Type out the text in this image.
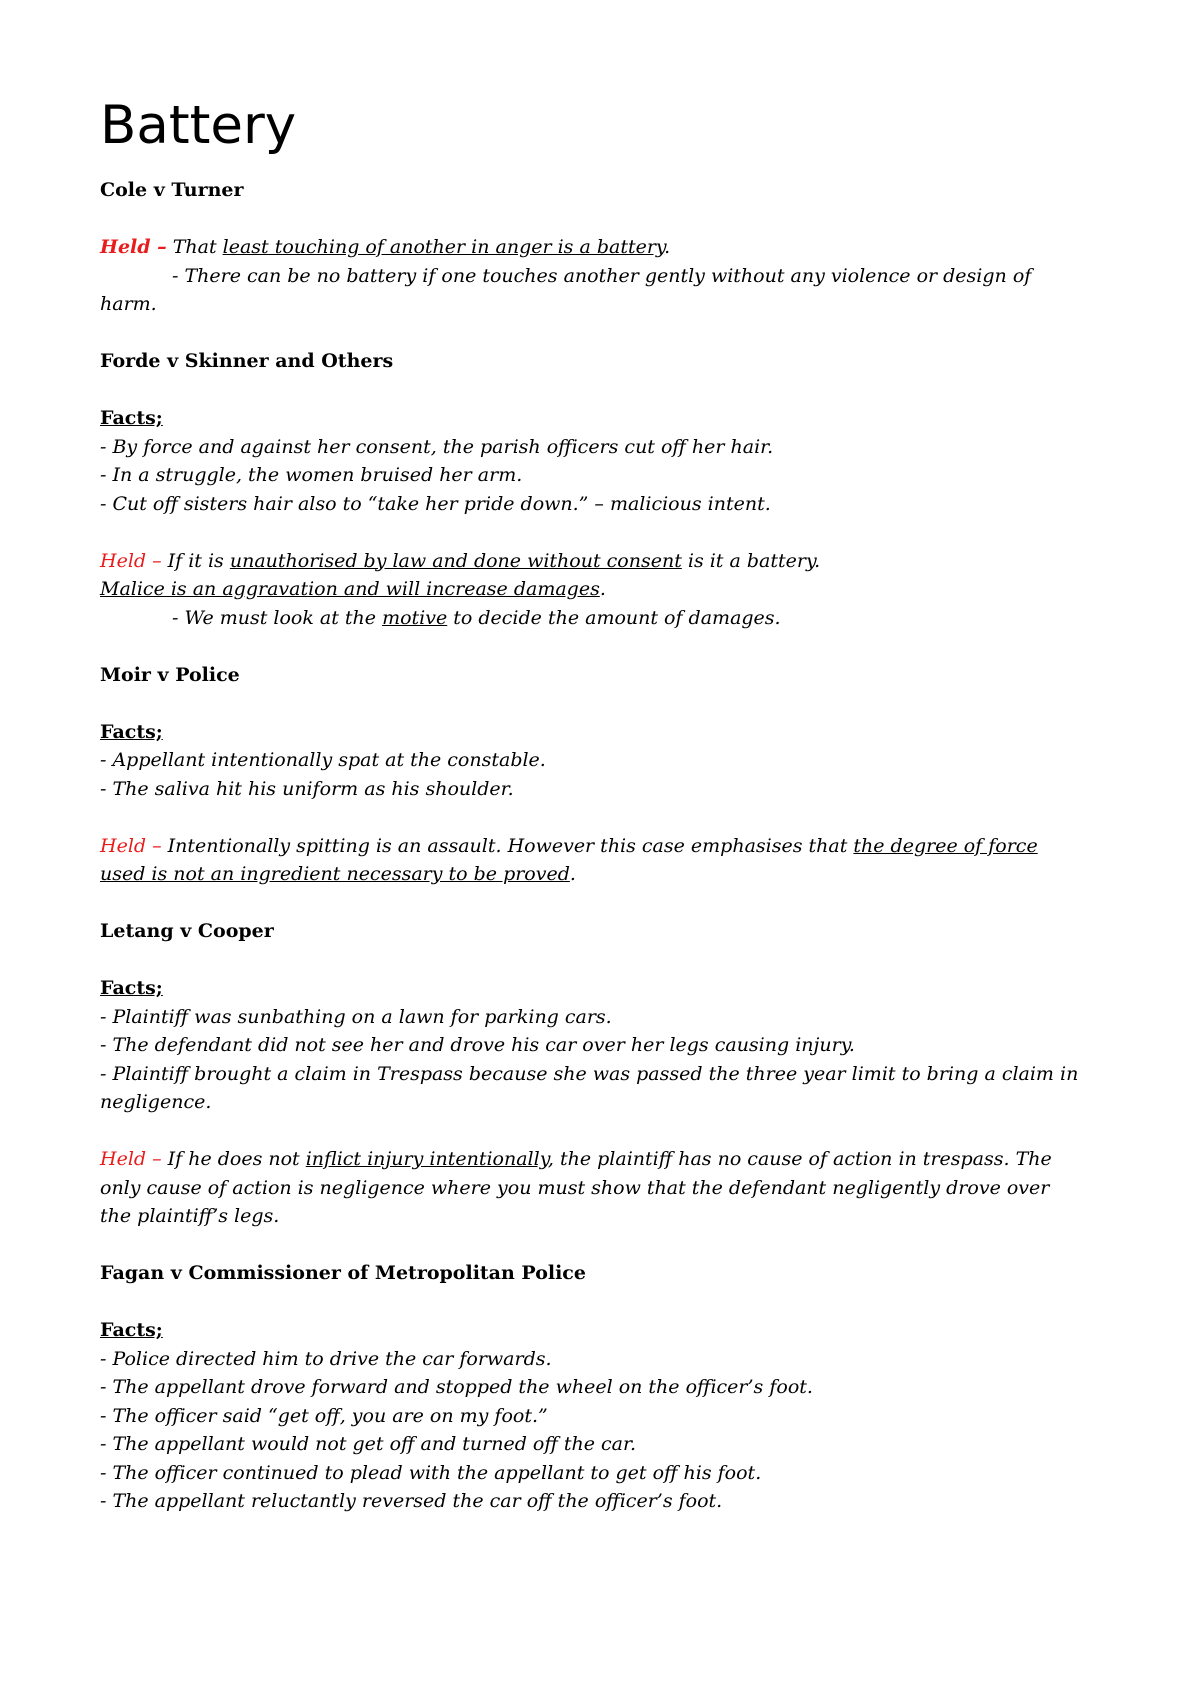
Battery

Cole v Turner

Held – That least touching of another in anger is a battery.

- There can be no battery if one touches another gently without any violence or design of

harm.

Forde v Skinner and Others

Facts;

- By force and against her consent, the parish officers cut off her hair.

- In a struggle, the women bruised her arm.

- Cut off sisters hair also to “take her pride down.” – malicious intent.

Held – If it is unauthorised by law and done without consent is it a battery.

Malice is an aggravation and will increase damages.

- We must look at the motive to decide the amount of damages.

Moir v Police

Facts;

- Appellant intentionally spat at the constable.

- The saliva hit his uniform as his shoulder.

Held – Intentionally spitting is an assault. However this case emphasises that the degree of force

used is not an ingredient necessary to be proved.

Letang v Cooper

Facts;

- Plaintiff was sunbathing on a lawn for parking cars.

- The defendant did not see her and drove his car over her legs causing injury.

- Plaintiff brought a claim in Trespass because she was passed the three year limit to bring a claim in

negligence.

Held – If he does not inflict injury intentionally, the plaintiff has no cause of action in trespass. The

only cause of action is negligence where you must show that the defendant negligently drove over

the plaintiff’s legs.

Fagan v Commissioner of Metropolitan Police

Facts;

- Police directed him to drive the car forwards.

- The appellant drove forward and stopped the wheel on the officer’s foot.

- The officer said “get off, you are on my foot.”

- The appellant would not get off and turned off the car.

- The officer continued to plead with the appellant to get off his foot.

- The appellant reluctantly reversed the car off the officer’s foot.
